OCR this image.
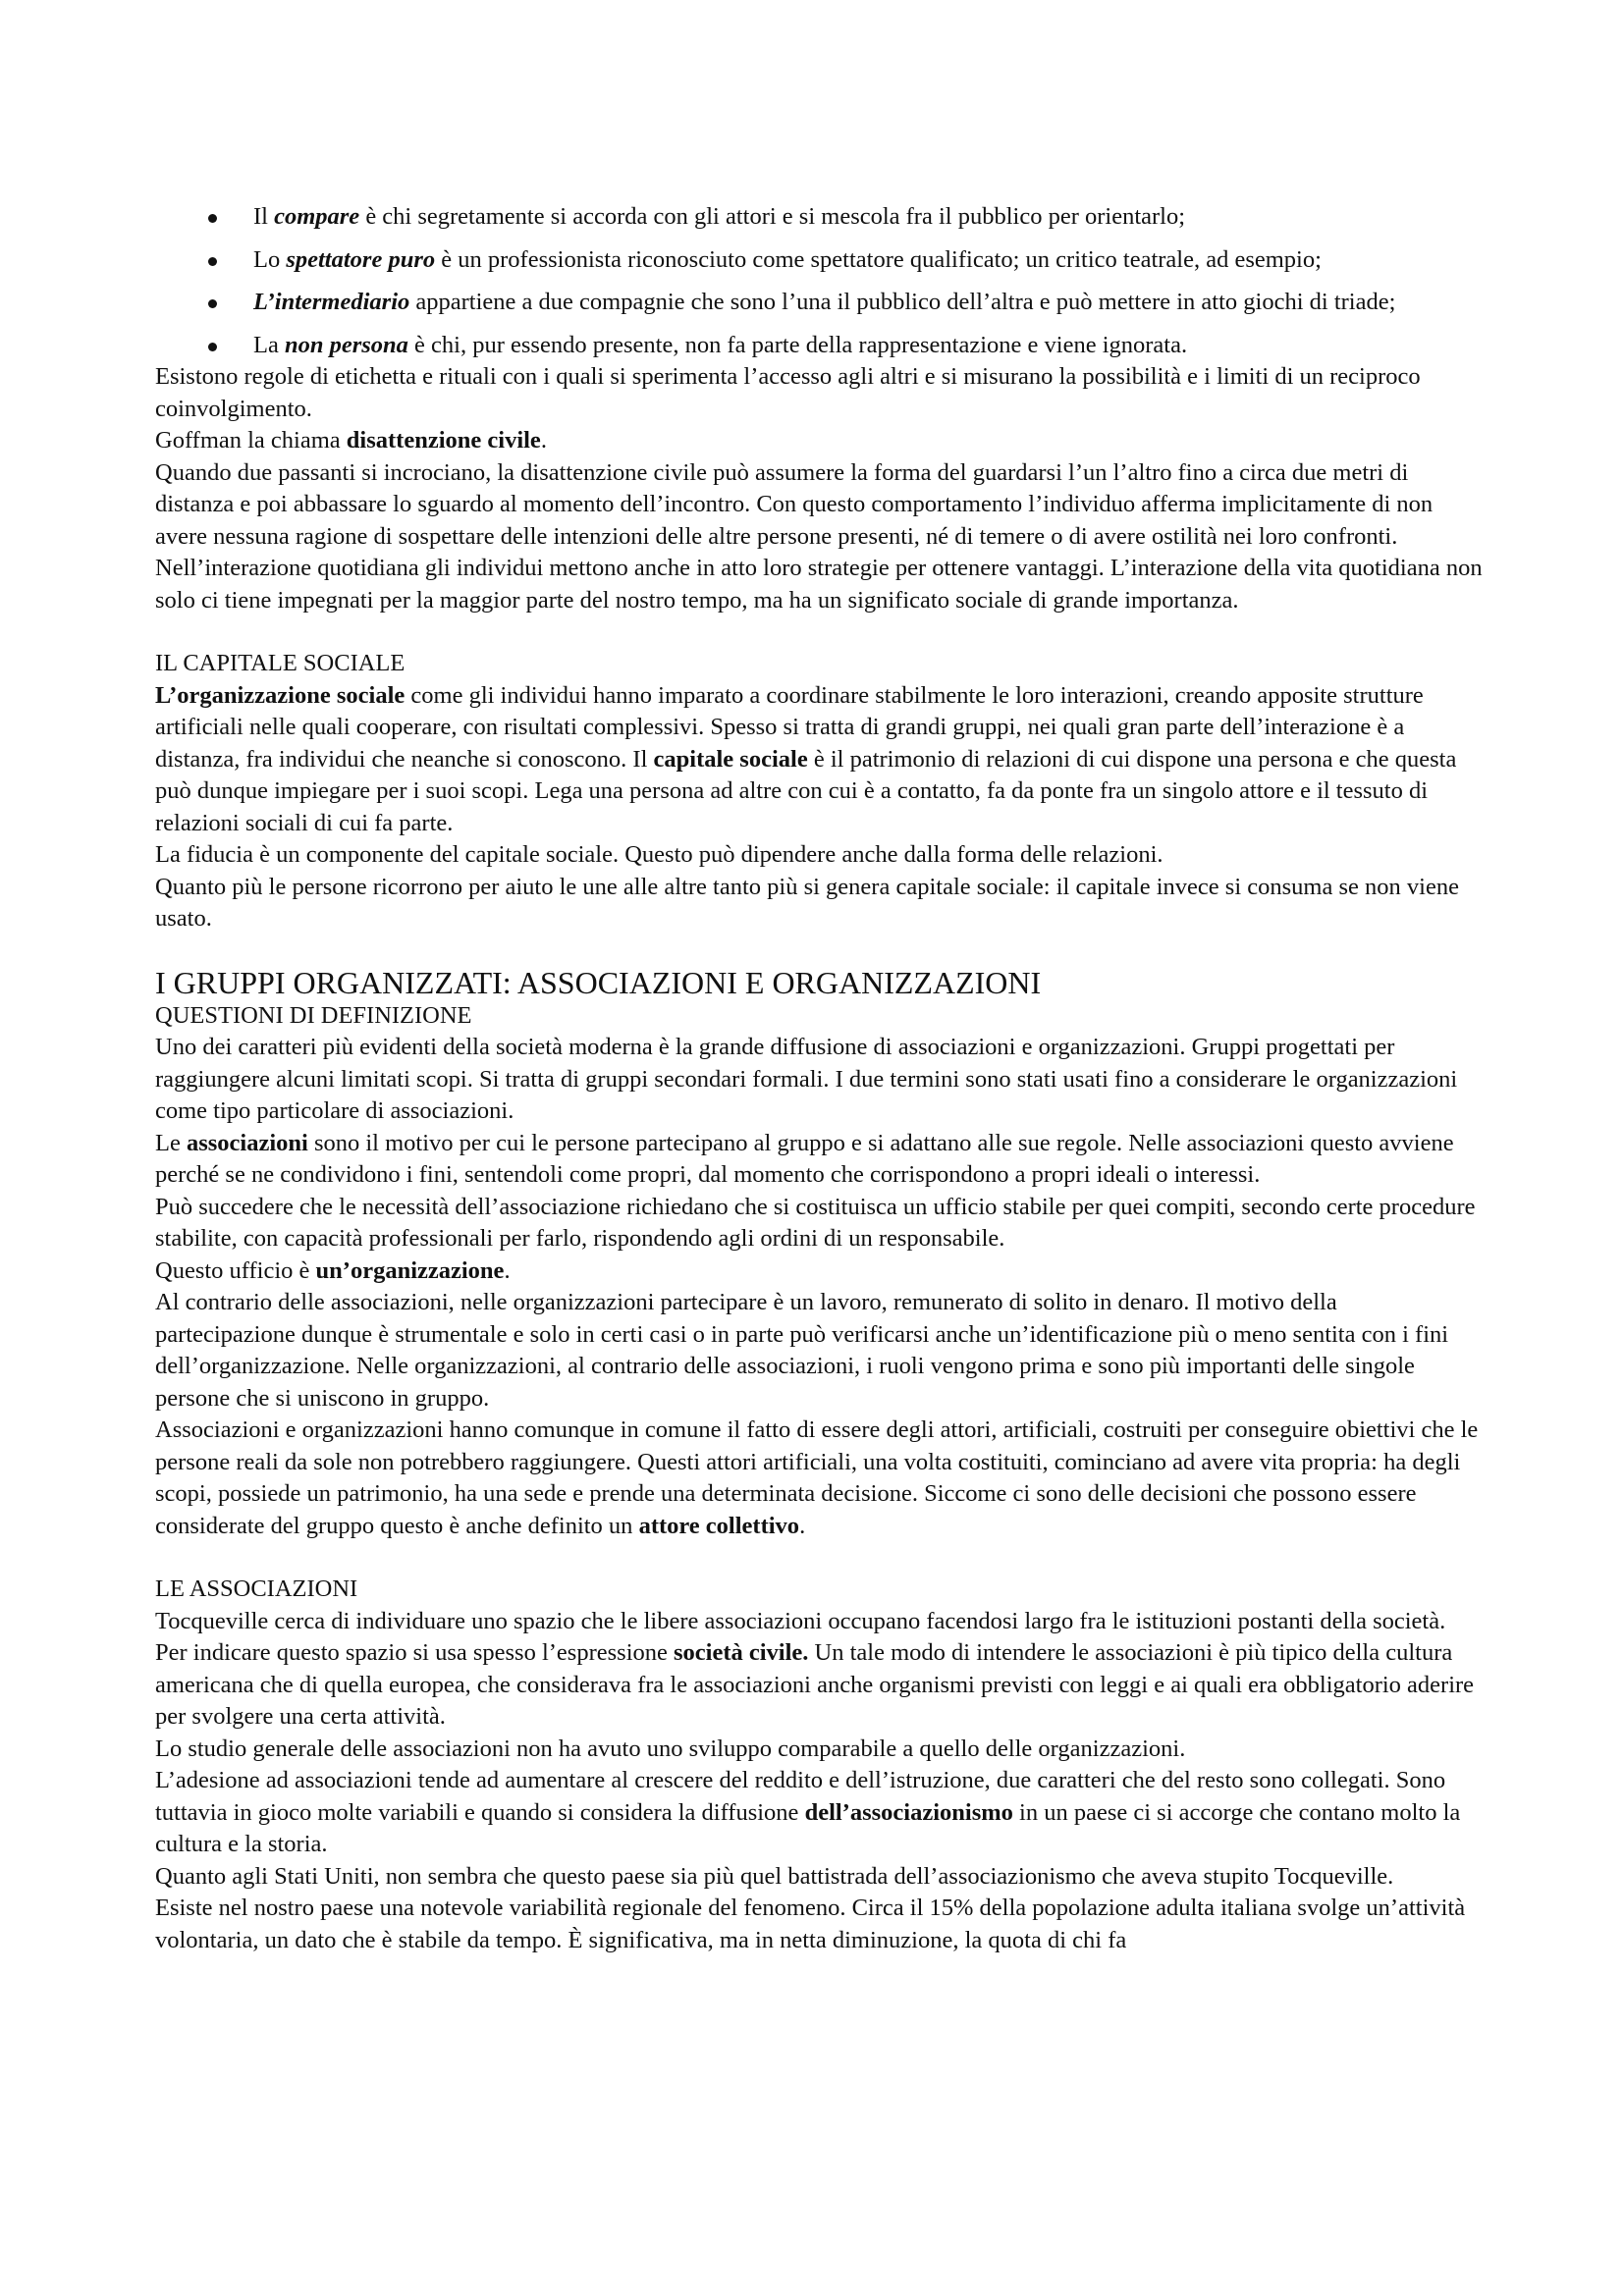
Il compare è chi segretamente si accorda con gli attori e si mescola fra il pubblico per orientarlo;
Lo spettatore puro è un professionista riconosciuto come spettatore qualificato; un critico teatrale, ad esempio;
L’intermediario appartiene a due compagnie che sono l’una il pubblico dell’altra e può mettere in atto giochi di triade;
La non persona è chi, pur essendo presente, non fa parte della rappresentazione e viene ignorata.

Esistono regole di etichetta e rituali con i quali si sperimenta l’accesso agli altri e si misurano la possibilità e i limiti di un reciproco coinvolgimento.

Goffman la chiama disattenzione civile.

Quando due passanti si incrociano, la disattenzione civile può assumere la forma del guardarsi l’un l’altro fino a circa due metri di distanza e poi abbassare lo sguardo al momento dell’incontro. Con questo comportamento l’individuo afferma implicitamente di non avere nessuna ragione di sospettare delle intenzioni delle altre persone presenti, né di temere o di avere ostilità nei loro confronti.

Nell’interazione quotidiana gli individui mettono anche in atto loro strategie per ottenere vantaggi. L’interazione della vita quotidiana non solo ci tiene impegnati per la maggior parte del nostro tempo, ma ha un significato sociale di grande importanza.

IL CAPITALE SOCIALE

L’organizzazione sociale come gli individui hanno imparato a coordinare stabilmente le loro interazioni, creando apposite strutture artificiali nelle quali cooperare, con risultati complessivi. Spesso si tratta di grandi gruppi, nei quali gran parte dell’interazione è a distanza, fra individui che neanche si conoscono. Il capitale sociale è il patrimonio di relazioni di cui dispone una persona e che questa può dunque impiegare per i suoi scopi. Lega una persona ad altre con cui è a contatto, fa da ponte fra un singolo attore e il tessuto di relazioni sociali di cui fa parte.

La fiducia è un componente del capitale sociale. Questo può dipendere anche dalla forma delle relazioni.

Quanto più le persone ricorrono per aiuto le une alle altre tanto più si genera capitale sociale: il capitale invece si consuma se non viene usato.

I GRUPPI ORGANIZZATI: ASSOCIAZIONI E ORGANIZZAZIONI

QUESTIONI DI DEFINIZIONE

Uno dei caratteri più evidenti della società moderna è la grande diffusione di associazioni e organizzazioni. Gruppi progettati per raggiungere alcuni limitati scopi. Si tratta di gruppi secondari formali. I due termini sono stati usati fino a considerare le organizzazioni come tipo particolare di associazioni.

Le associazioni sono il motivo per cui le persone partecipano al gruppo e si adattano alle sue regole. Nelle associazioni questo avviene perché se ne condividono i fini, sentendoli come propri, dal momento che corrispondono a propri ideali o interessi.

Può succedere che le necessità dell’associazione richiedano che si costituisca un ufficio stabile per quei compiti, secondo certe procedure stabilite, con capacità professionali per farlo, rispondendo agli ordini di un responsabile.

Questo ufficio è un’organizzazione.

Al contrario delle associazioni, nelle organizzazioni partecipare è un lavoro, remunerato di solito in denaro. Il motivo della partecipazione dunque è strumentale e solo in certi casi o in parte può verificarsi anche un’identificazione più o meno sentita con i fini dell’organizzazione. Nelle organizzazioni, al contrario delle associazioni, i ruoli vengono prima e sono più importanti delle singole persone che si uniscono in gruppo.

Associazioni e organizzazioni hanno comunque in comune il fatto di essere degli attori, artificiali, costruiti per conseguire obiettivi che le persone reali da sole non potrebbero raggiungere. Questi attori artificiali, una volta costituiti, cominciano ad avere vita propria: ha degli scopi, possiede un patrimonio, ha una sede e prende una determinata decisione. Siccome ci sono delle decisioni che possono essere considerate del gruppo questo è anche definito un attore collettivo.

LE ASSOCIAZIONI

Tocqueville cerca di individuare uno spazio che le libere associazioni occupano facendosi largo fra le istituzioni postanti della società. Per indicare questo spazio si usa spesso l’espressione società civile. Un tale modo di intendere le associazioni è più tipico della cultura americana che di quella europea, che considerava fra le associazioni anche organismi previsti con leggi e ai quali era obbligatorio aderire per svolgere una certa attività.

Lo studio generale delle associazioni non ha avuto uno sviluppo comparabile a quello delle organizzazioni.

L’adesione ad associazioni tende ad aumentare al crescere del reddito e dell’istruzione, due caratteri che del resto sono collegati. Sono tuttavia in gioco molte variabili e quando si considera la diffusione dell’associazionismo in un paese ci si accorge che contano molto la cultura e la storia.

Quanto agli Stati Uniti, non sembra che questo paese sia più quel battistrada dell’associazionismo che aveva stupito Tocqueville.

Esiste nel nostro paese una notevole variabilità regionale del fenomeno. Circa il 15% della popolazione adulta italiana svolge un’attività volontaria, un dato che è stabile da tempo. È significativa, ma in netta diminuzione, la quota di chi fa
